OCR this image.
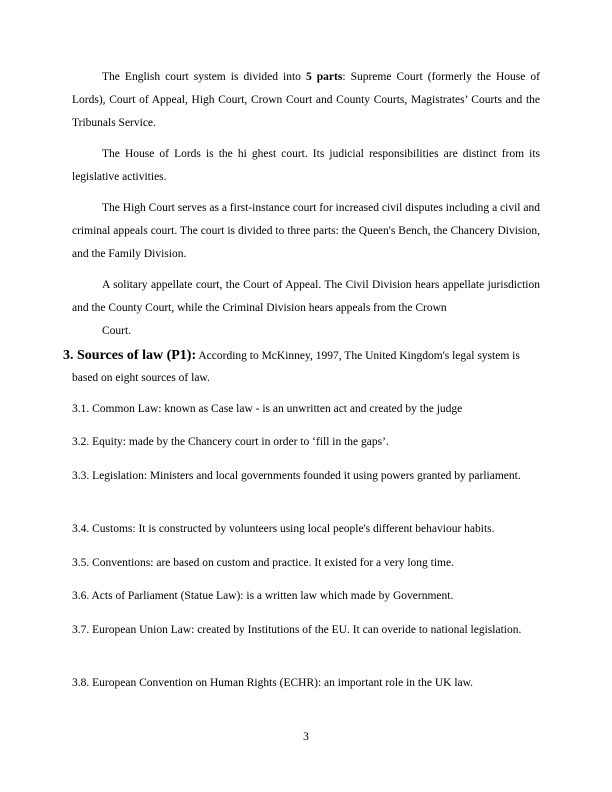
The English court system is divided into 5 parts: Supreme Court (formerly the House of Lords), Court of Appeal, High Court, Crown Court and County Courts, Magistrates’ Courts and the Tribunals Service.

The House of Lords is the hi ghest court. Its judicial responsibilities are distinct from its legislative activities.

The High Court serves as a first-instance court for increased civil disputes including a civil and criminal appeals court. The court is divided to three parts: the Queen's Bench, the Chancery Division, and the Family Division.

A solitary appellate court, the Court of Appeal. The Civil Division hears appellate jurisdiction and the County Court, while the Criminal Division hears appeals from the Crown
Court.

3. Sources of law (P1): According to McKinney, 1997, The United Kingdom's legal system is

based on eight sources of law.

3.1. Common Law: known as Case law - is an unwritten act and created by the judge

3.2. Equity: made by the Chancery court in order to ‘fill in the gaps’.

3.3. Legislation: Ministers and local governments founded it using powers granted by parliament.

3.4. Customs: It is constructed by volunteers using local people's different behaviour habits.

3.5. Conventions: are based on custom and practice. It existed for a very long time.

3.6. Acts of Parliament (Statue Law): is a written law which made by Government.

3.7. European Union Law: created by Institutions of the EU. It can overide to national legislation.

3.8. European Convention on Human Rights (ECHR): an important role in the UK law.

3
